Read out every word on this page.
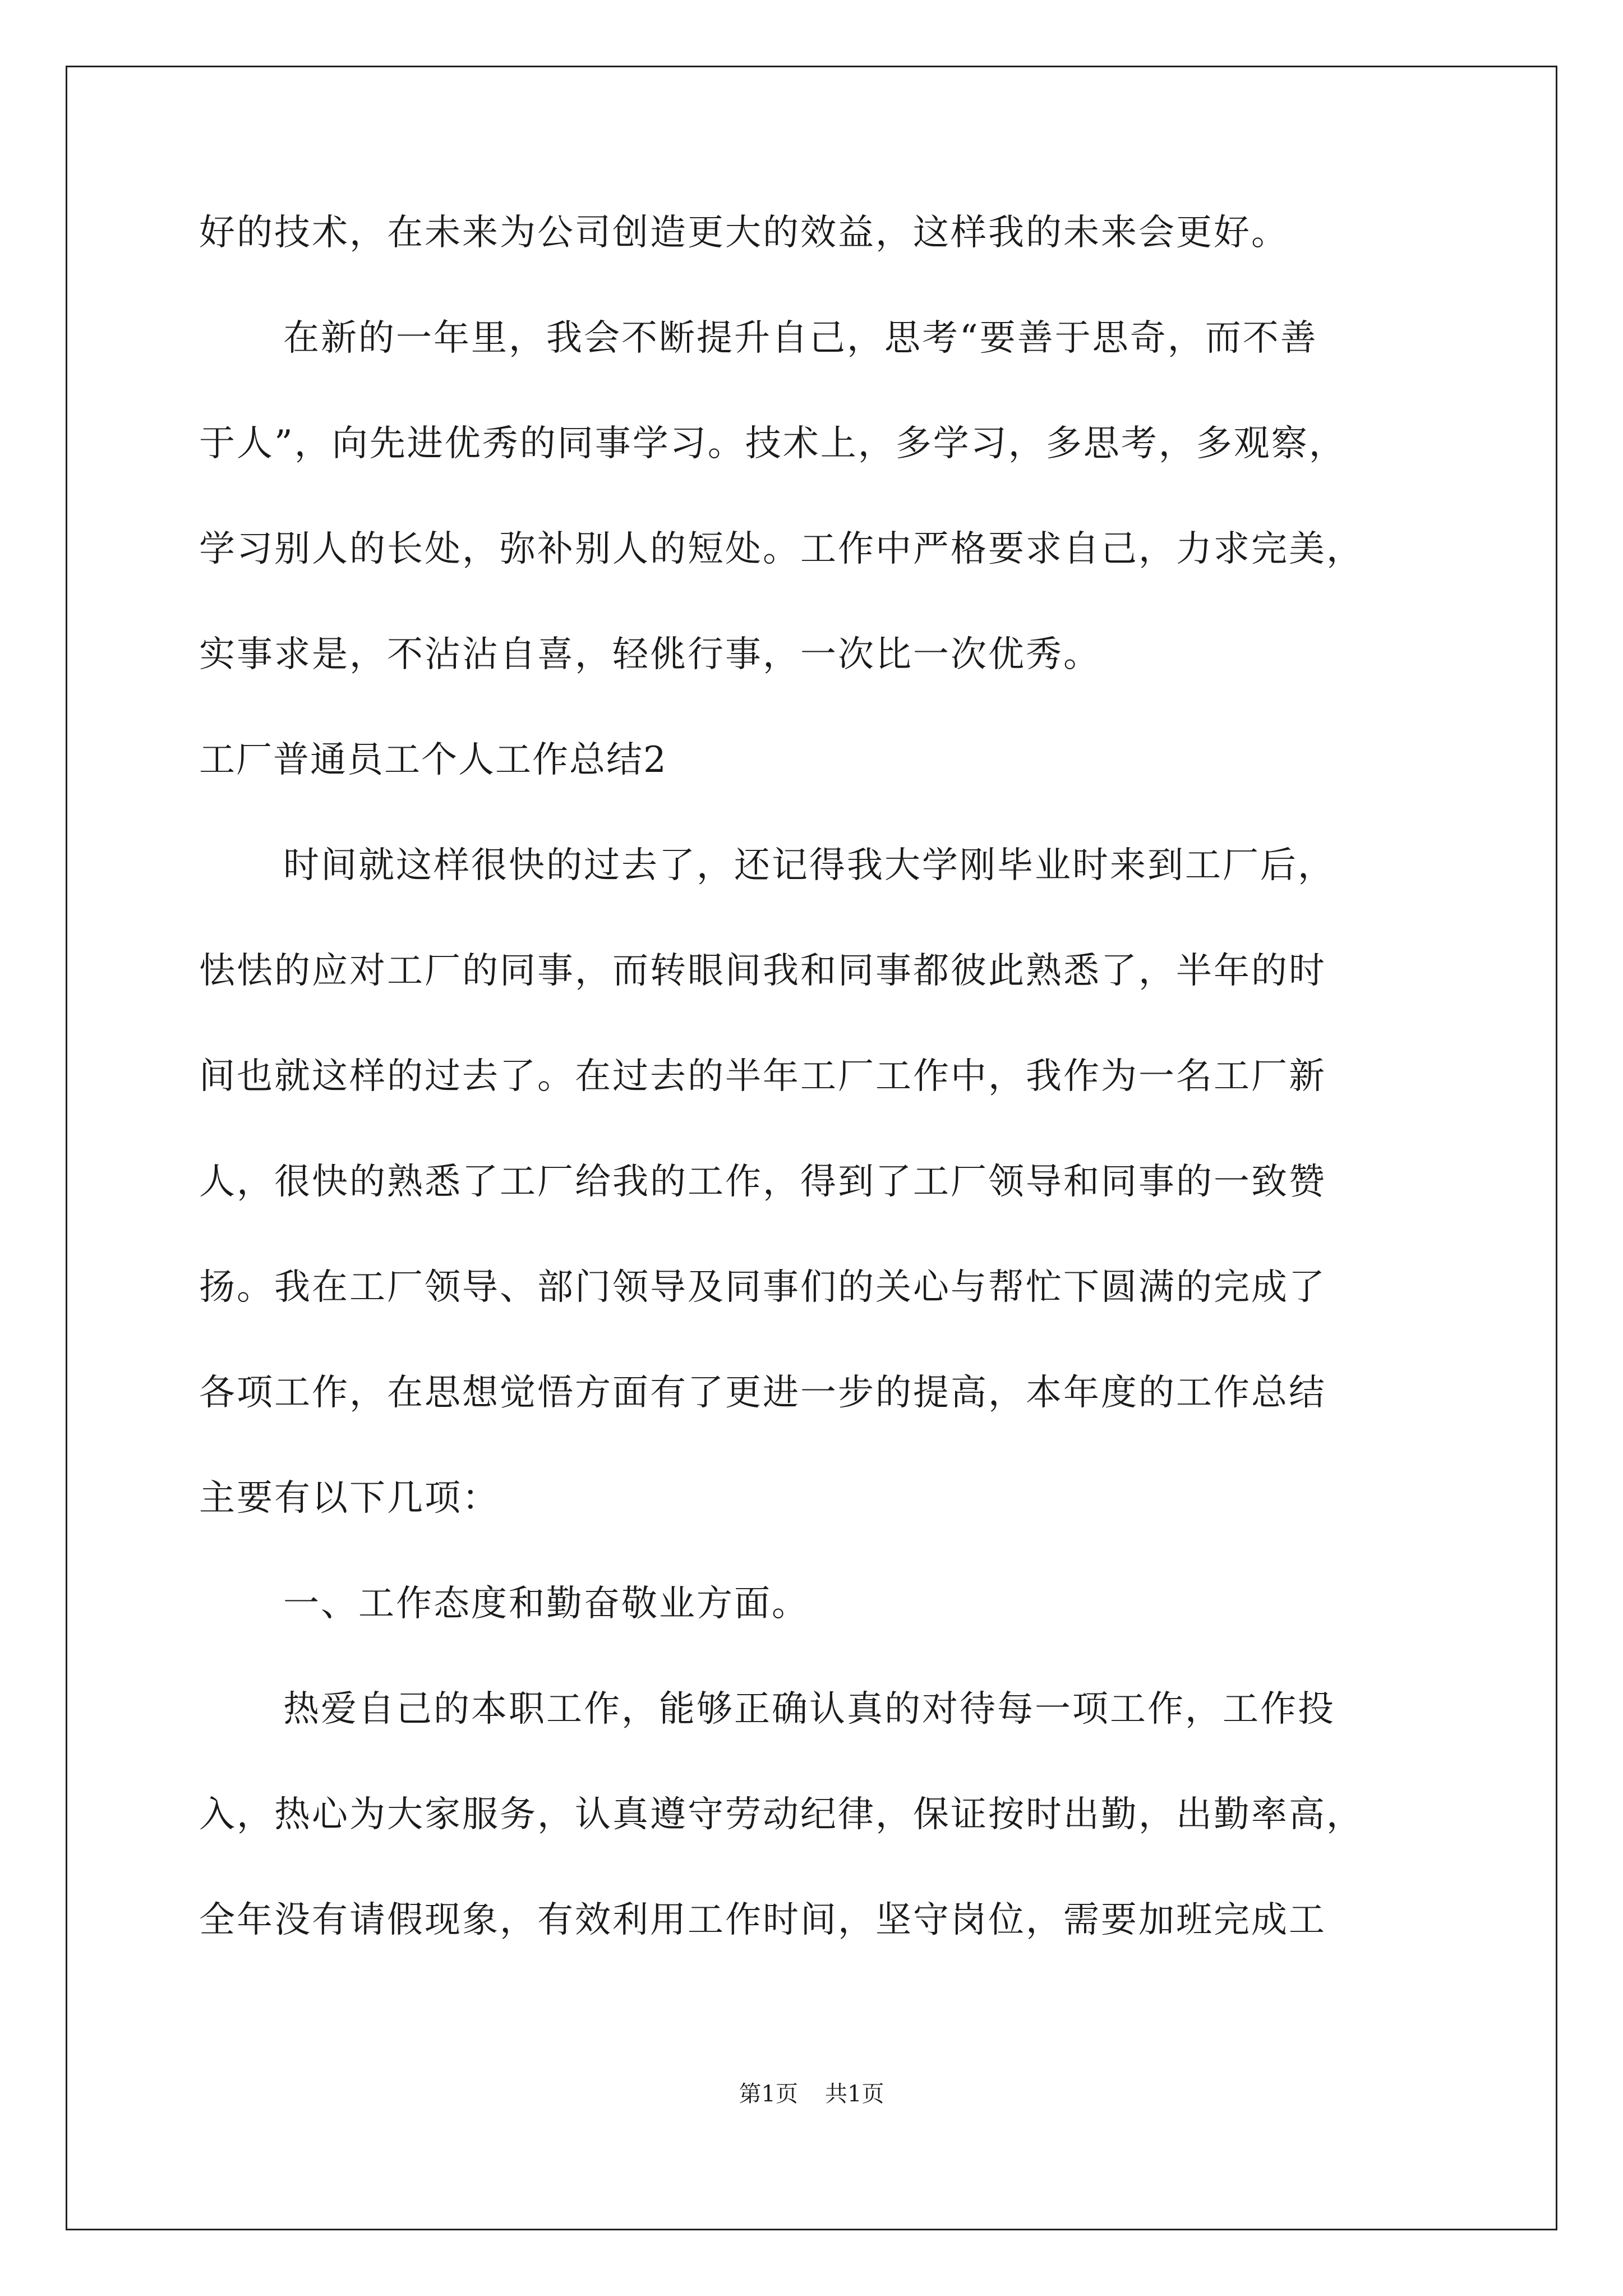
好的技术，在未来为公司创造更大的效益，这样我的未来会更好。

在新的一年里，我会不断提升自己，思考“要善于思奇，而不善

于人”，向先进优秀的同事学习。技术上，多学习，多思考，多观察，

学习别人的长处，弥补别人的短处。工作中严格要求自己，力求完美，

实事求是，不沾沾自喜，轻佻行事，一次比一次优秀。

工厂普通员工个人工作总结2

时间就这样很快的过去了，还记得我大学刚毕业时来到工厂后，

怯怯的应对工厂的同事，而转眼间我和同事都彼此熟悉了，半年的时

间也就这样的过去了。在过去的半年工厂工作中，我作为一名工厂新

人，很快的熟悉了工厂给我的工作，得到了工厂领导和同事的一致赞

扬。我在工厂领导、部门领导及同事们的关心与帮忙下圆满的完成了

各项工作，在思想觉悟方面有了更进一步的提高，本年度的工作总结

主要有以下几项：

一、工作态度和勤奋敬业方面。

热爱自己的本职工作，能够正确认真的对待每一项工作，工作投

入，热心为大家服务，认真遵守劳动纪律，保证按时出勤，出勤率高，

全年没有请假现象，有效利用工作时间，坚守岗位，需要加班完成工

第1页 共1页
